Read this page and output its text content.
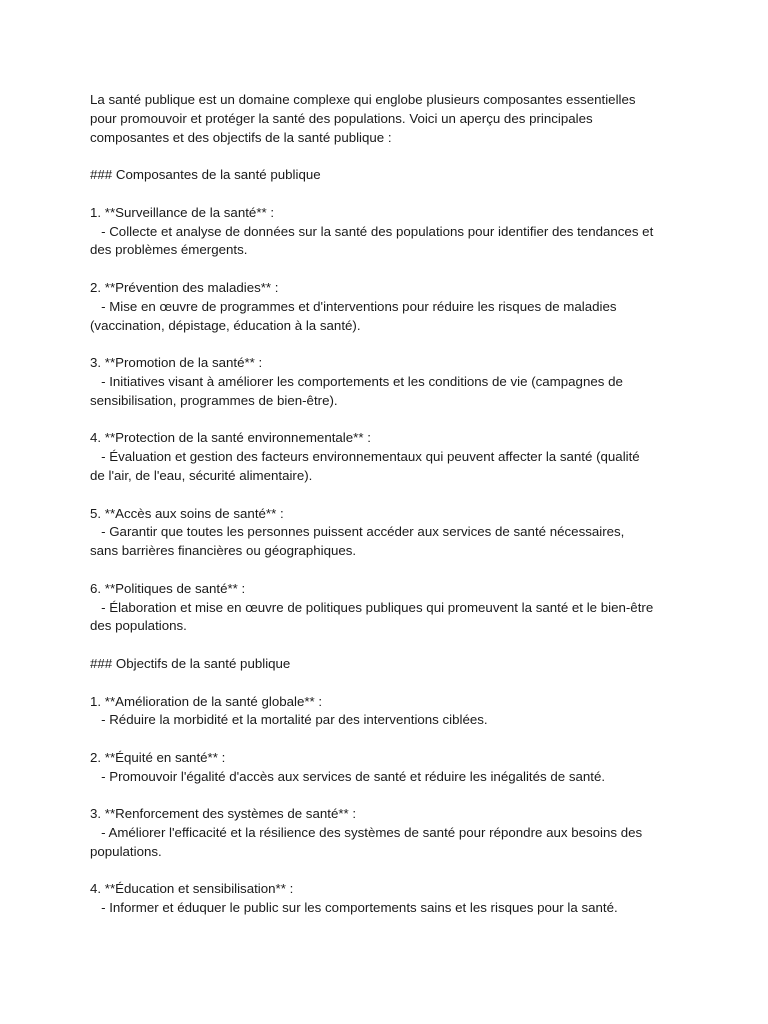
La santé publique est un domaine complexe qui englobe plusieurs composantes essentielles
pour promouvoir et protéger la santé des populations. Voici un aperçu des principales
composantes et des objectifs de la santé publique :

### Composantes de la santé publique

1. **Surveillance de la santé** :
- Collecte et analyse de données sur la santé des populations pour identifier des tendances et
des problèmes émergents.
2. **Prévention des maladies** :
- Mise en œuvre de programmes et d'interventions pour réduire les risques de maladies
(vaccination, dépistage, éducation à la santé).
3. **Promotion de la santé** :
- Initiatives visant à améliorer les comportements et les conditions de vie (campagnes de
sensibilisation, programmes de bien-être).
4. **Protection de la santé environnementale** :
- Évaluation et gestion des facteurs environnementaux qui peuvent affecter la santé (qualité
de l'air, de l'eau, sécurité alimentaire).
5. **Accès aux soins de santé** :
- Garantir que toutes les personnes puissent accéder aux services de santé nécessaires,
sans barrières financières ou géographiques.
6. **Politiques de santé** :
- Élaboration et mise en œuvre de politiques publiques qui promeuvent la santé et le bien-être
des populations.

### Objectifs de la santé publique

1. **Amélioration de la santé globale** :
- Réduire la morbidité et la mortalité par des interventions ciblées.
2. **Équité en santé** :
- Promouvoir l'égalité d'accès aux services de santé et réduire les inégalités de santé.
3. **Renforcement des systèmes de santé** :
- Améliorer l'efficacité et la résilience des systèmes de santé pour répondre aux besoins des
populations.
4. **Éducation et sensibilisation** :
- Informer et éduquer le public sur les comportements sains et les risques pour la santé.
